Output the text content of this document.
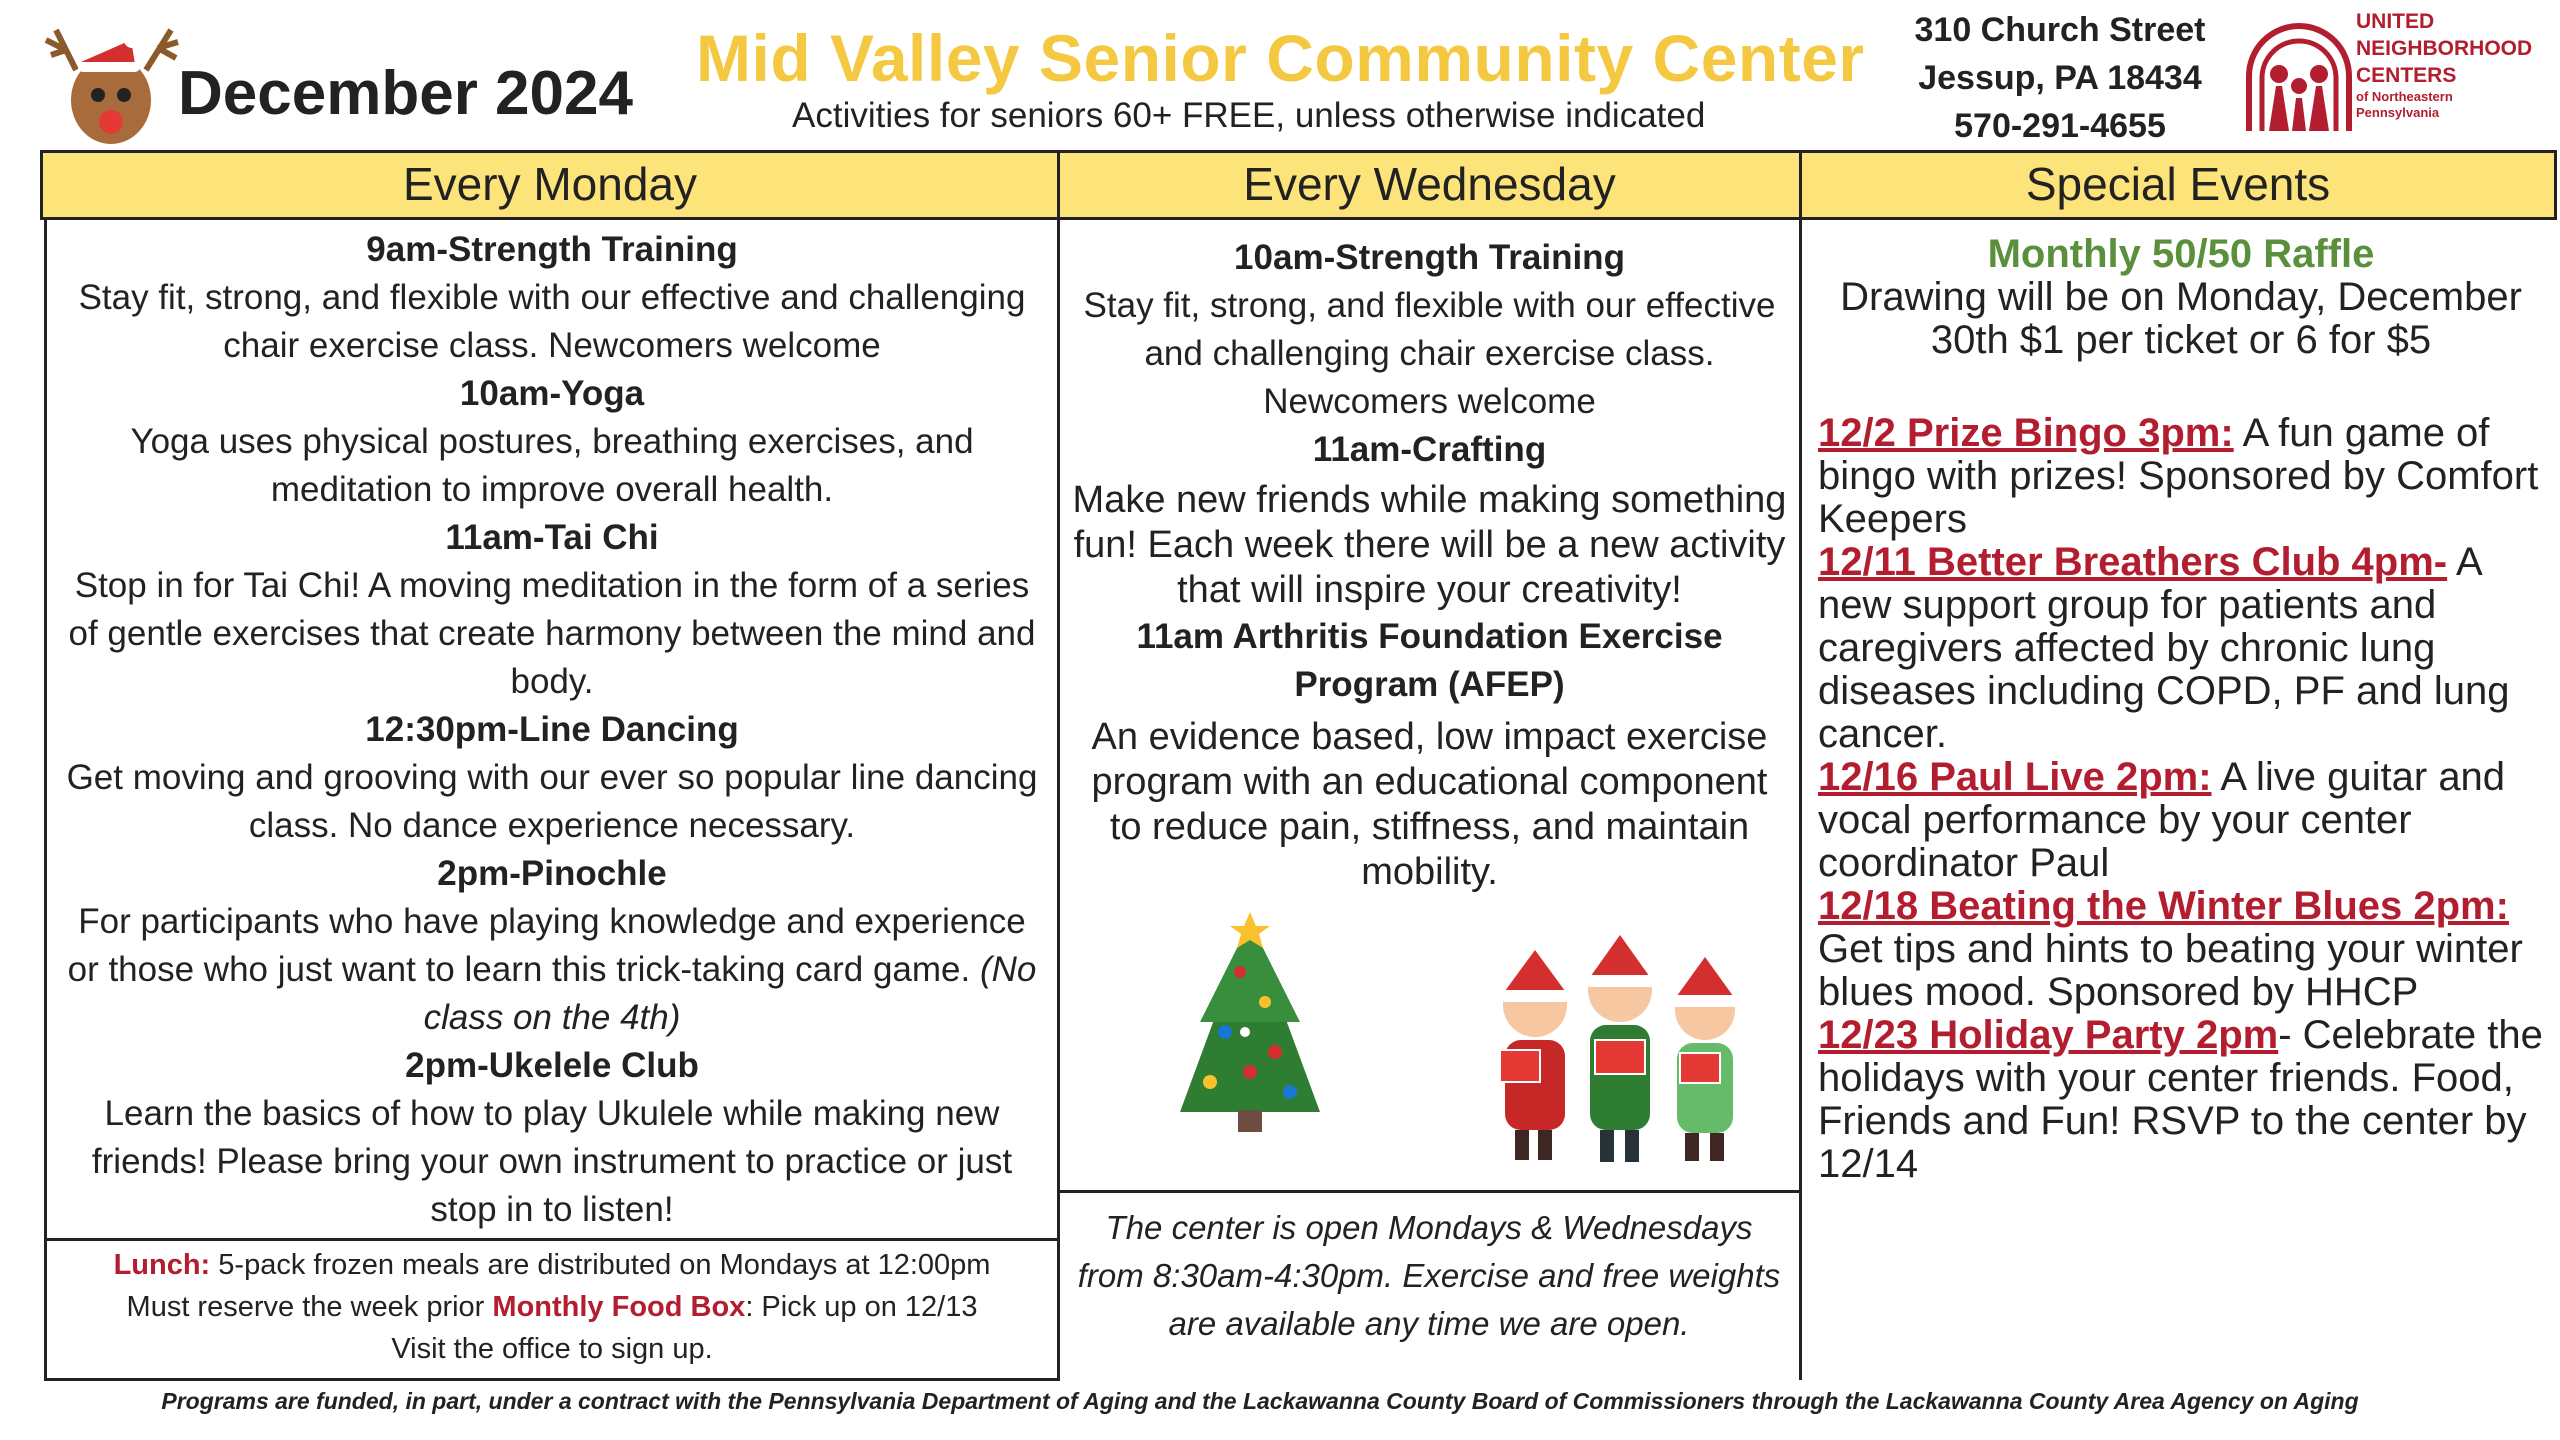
December 2024 Mid Valley Senior Community Center
Activities for seniors 60+ FREE, unless otherwise indicated
310 Church Street
Jessup, PA 18434
570-291-4655
UNITED
NEIGHBORHOOD
CENTERS
of Northeastern
Pennsylvania
Every Monday	Every Wednesday	Special Events
9am-Strength Training
Stay fit, strong, and flexible with our effective and challenging chair exercise class. Newcomers welcome
10am-Yoga
Yoga uses physical postures, breathing exercises, and meditation to improve overall health.
11am-Tai Chi
Stop in for Tai Chi! A moving meditation in the form of a series of gentle exercises that create harmony between the mind and body.
12:30pm-Line Dancing
Get moving and grooving with our ever so popular line dancing class. No dance experience necessary.
2pm-Pinochle
For participants who have playing knowledge and experience or those who just want to learn this trick-taking card game. (No class on the 4th)
2pm-Ukelele Club
Learn the basics of how to play Ukulele while making new friends! Please bring your own instrument to practice or just stop in to listen!
Lunch: 5-pack frozen meals are distributed on Mondays at 12:00pm
Must reserve the week prior Monthly Food Box: Pick up on 12/13
Visit the office to sign up.
10am-Strength Training
Stay fit, strong, and flexible with our effective and challenging chair exercise class. Newcomers welcome
11am-Crafting
Make new friends while making something fun! Each week there will be a new activity that will inspire your creativity!
11am Arthritis Foundation Exercise Program (AFEP)
An evidence based, low impact exercise program with an educational component to reduce pain, stiffness, and maintain mobility.
The center is open Mondays & Wednesdays from 8:30am-4:30pm. Exercise and free weights are available any time we are open.
Monthly 50/50 Raffle
Drawing will be on Monday, December 30th $1 per ticket or 6 for $5
12/2 Prize Bingo 3pm: A fun game of bingo with prizes! Sponsored by Comfort Keepers
12/11 Better Breathers Club 4pm- A new support group for patients and caregivers affected by chronic lung diseases including COPD, PF and lung cancer.
12/16 Paul Live 2pm: A live guitar and vocal performance by your center coordinator Paul
12/18 Beating the Winter Blues 2pm: Get tips and hints to beating your winter blues mood. Sponsored by HHCP
12/23 Holiday Party 2pm- Celebrate the holidays with your center friends. Food, Friends and Fun! RSVP to the center by 12/14
Programs are funded, in part, under a contract with the Pennsylvania Department of Aging and the Lackawanna County Board of Commissioners through the Lackawanna County Area Agency on Aging
